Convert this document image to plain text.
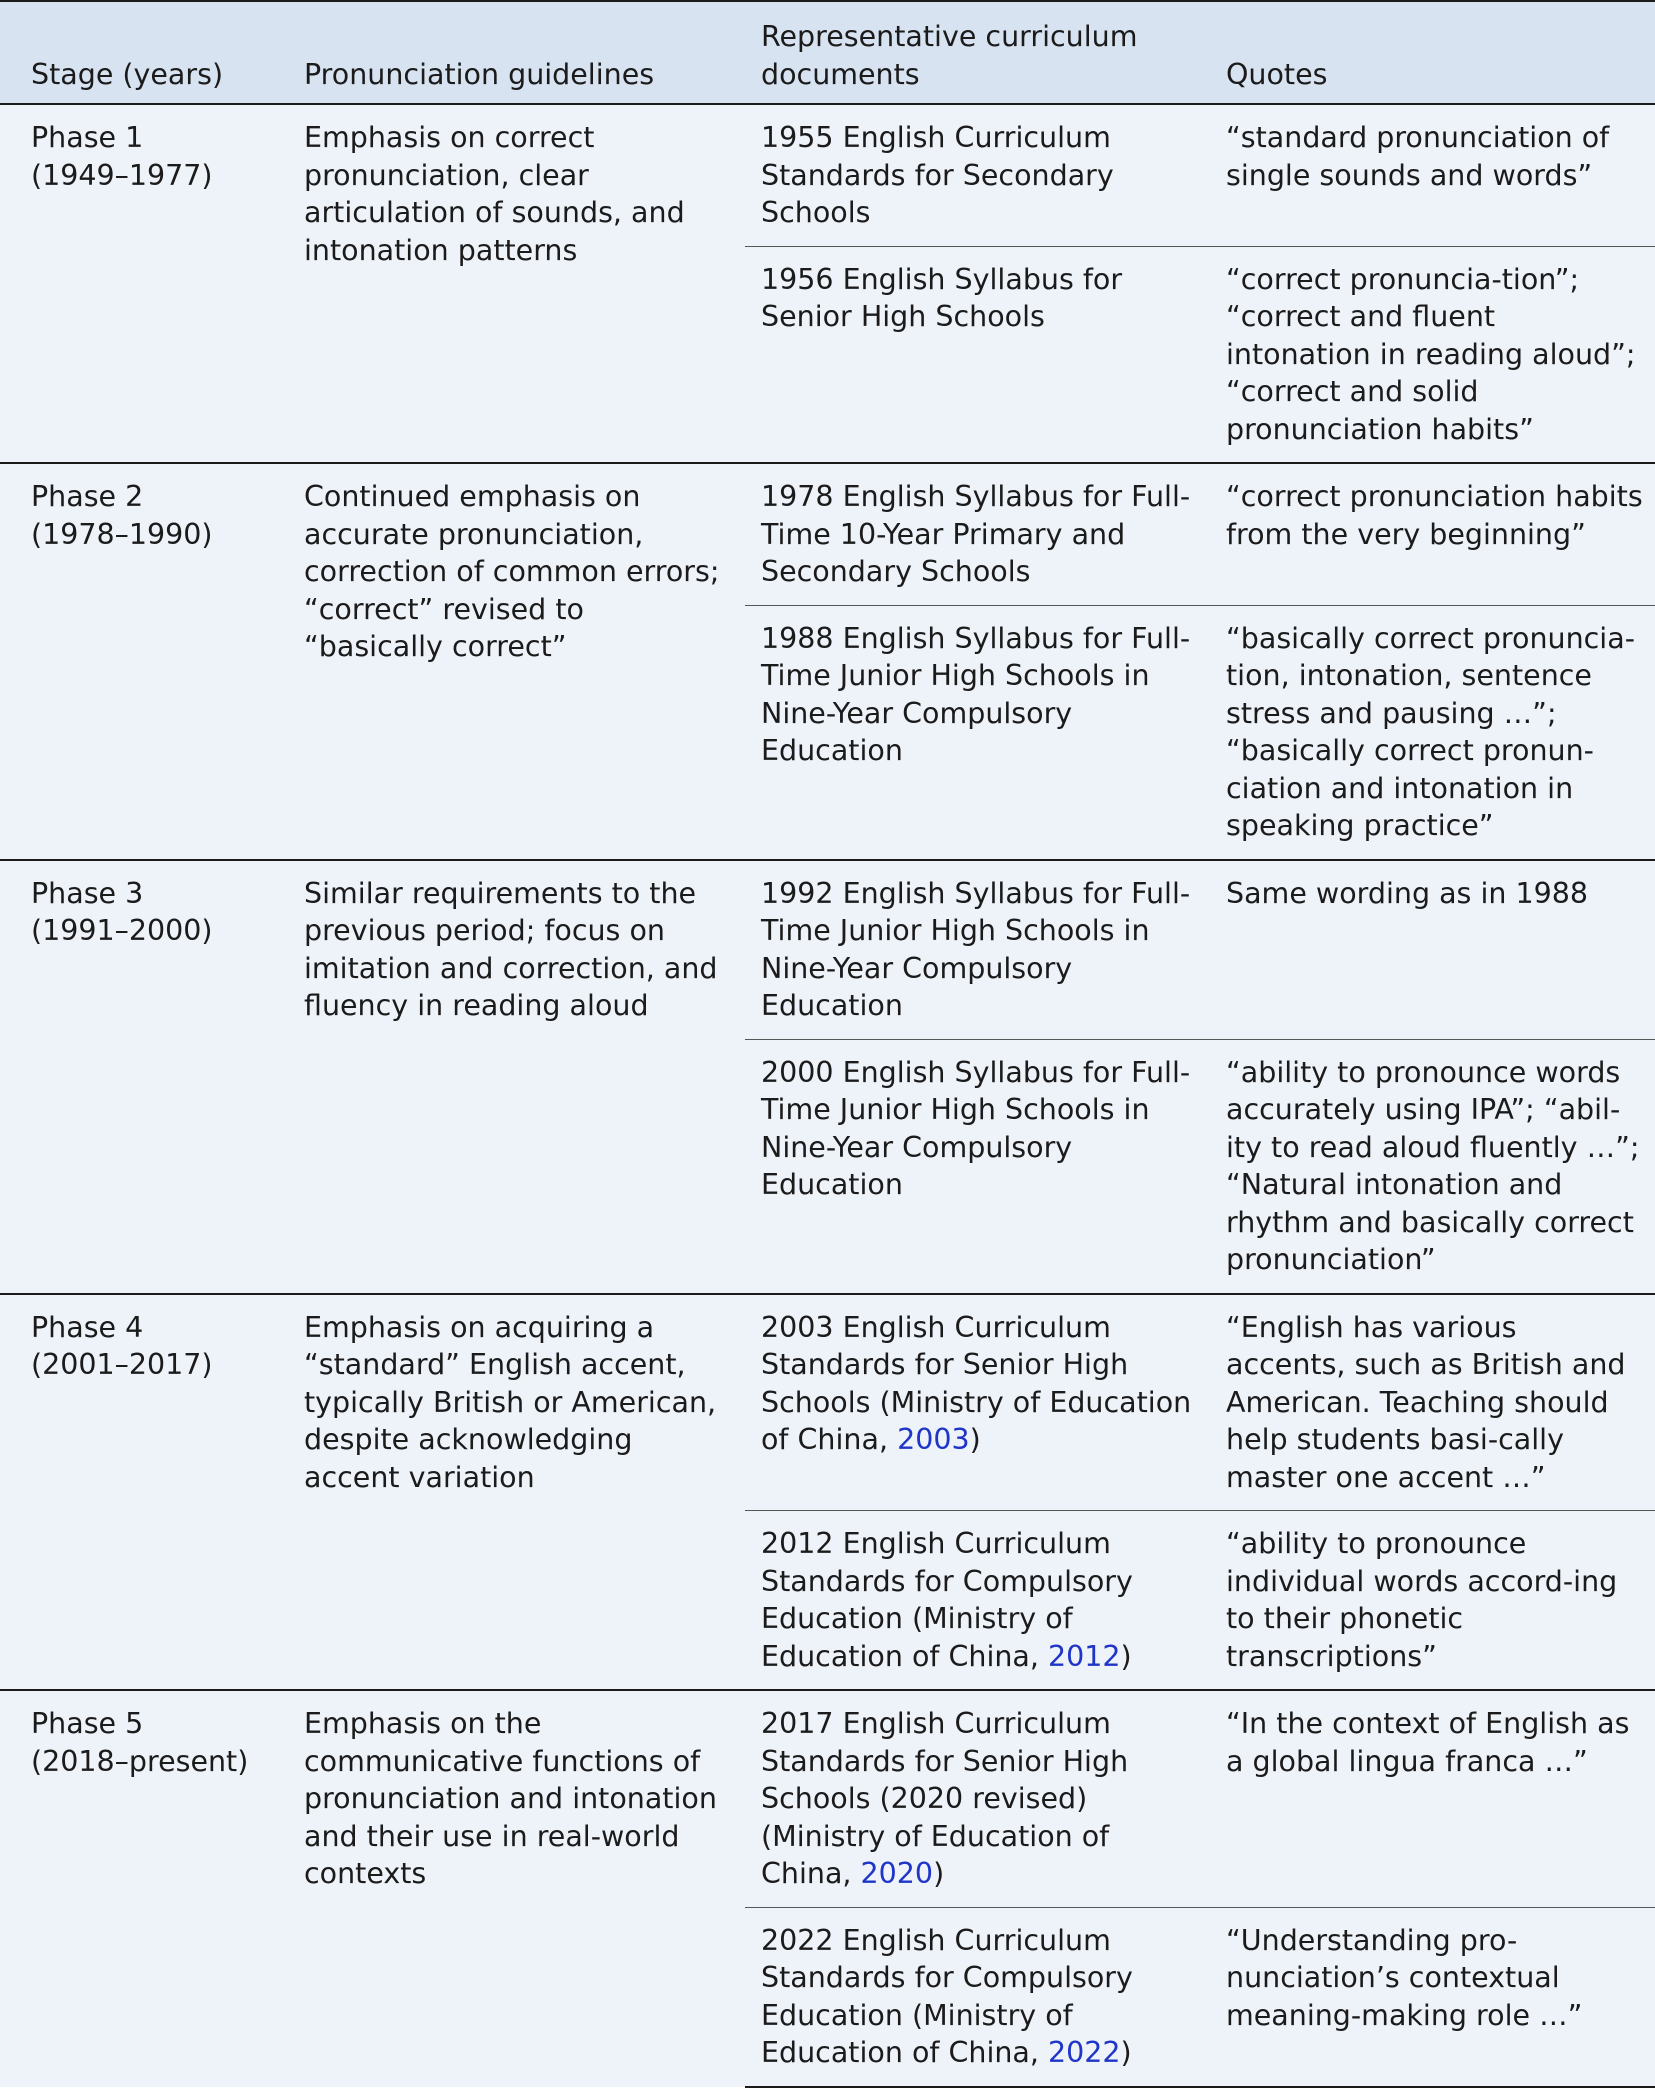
Stage (years)	Pronunciation guidelines	Representative curriculum documents	Quotes

Phase 1
(1949–1977)	Emphasis on correct pronunciation, clear articulation of sounds, and intonation patterns	1955 English Curriculum Standards for Secondary Schools	“standard pronunciation of single sounds and words”
		1956 English Syllabus for Senior High Schools	“correct pronuncia-tion”; “correct and fluent intonation in reading aloud”; “correct and solid pronunciation habits”

Phase 2
(1978–1990)	Continued emphasis on accurate pronunciation, correction of common errors; “correct” revised to “basically correct”	1978 English Syllabus for Full-Time 10-Year Primary and Secondary Schools	“correct pronunciation habits from the very beginning”
		1988 English Syllabus for Full-Time Junior High Schools in Nine-Year Compulsory Education	“basically correct pronuncia-tion, intonation, sentence stress and pausing …”; “basically correct pronun-ciation and intonation in speaking practice”

Phase 3
(1991–2000)	Similar requirements to the previous period; focus on imitation and correction, and fluency in reading aloud	1992 English Syllabus for Full-Time Junior High Schools in Nine-Year Compulsory Education	Same wording as in 1988
		2000 English Syllabus for Full-Time Junior High Schools in Nine-Year Compulsory Education	“ability to pronounce words accurately using IPA”; “abil-ity to read aloud fluently …”; “Natural intonation and rhythm and basically correct pronunciation”

Phase 4
(2001–2017)	Emphasis on acquiring a “standard” English accent, typically British or American, despite acknowledging accent variation	2003 English Curriculum Standards for Senior High Schools (Ministry of Education of China, 2003)	“English has various accents, such as British and American. Teaching should help students basi-cally master one accent …”
		2012 English Curriculum Standards for Compulsory Education (Ministry of Education of China, 2012)	“ability to pronounce individual words accord-ing to their phonetic transcriptions”

Phase 5
(2018–present)	Emphasis on the communicative functions of pronunciation and intonation and their use in real-world contexts	2017 English Curriculum Standards for Senior High Schools (2020 revised) (Ministry of Education of China, 2020)	“In the context of English as a global lingua franca …”
		2022 English Curriculum Standards for Compulsory Education (Ministry of Education of China, 2022)	“Understanding pro-nunciation’s contextual meaning-making role …”
